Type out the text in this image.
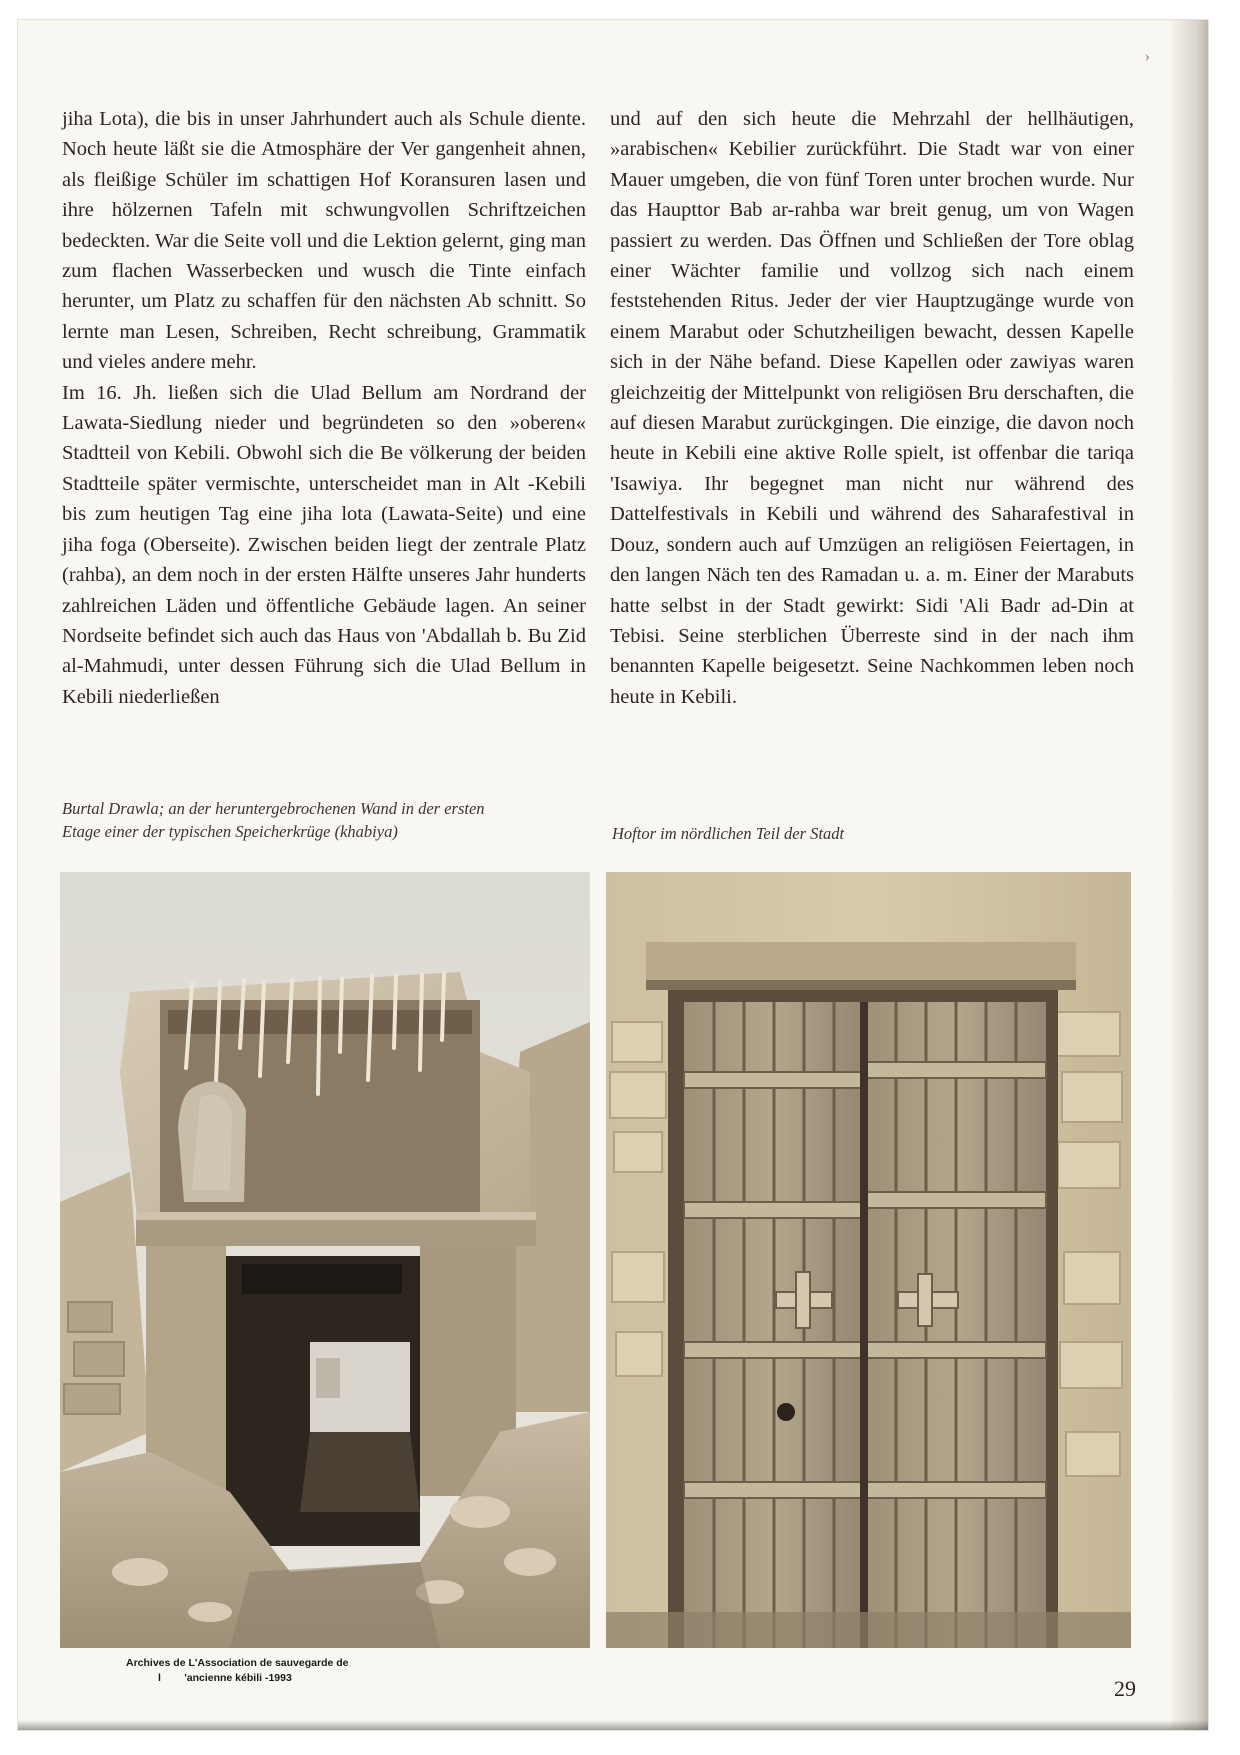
›

jiha Lota), die bis in unser Jahrhundert auch als Schule diente. Noch heute läßt sie die Atmosphäre der Ver gangenheit ahnen, als fleißige Schüler im schattigen Hof Koransuren lasen und ihre hölzernen Tafeln mit schwungvollen Schriftzeichen bedeckten. War die Seite voll und die Lektion gelernt, ging man zum flachen Wasserbecken und wusch die Tinte einfach herunter, um Platz zu schaffen für den nächsten Ab schnitt. So lernte man Lesen, Schreiben, Recht schreibung, Grammatik und vieles andere mehr.

Im 16. Jh. ließen sich die Ulad Bellum am Nordrand der Lawata-Siedlung nieder und begründeten so den »oberen« Stadtteil von Kebili. Obwohl sich die Be völkerung der beiden Stadtteile später vermischte, unterscheidet man in Alt -Kebili bis zum heutigen Tag eine jiha lota (Lawata-Seite) und eine jiha foga (Oberseite). Zwischen beiden liegt der zentrale Platz (rahba), an dem noch in der ersten Hälfte unseres Jahr hunderts zahlreichen Läden und öffentliche Gebäude lagen. An seiner Nordseite befindet sich auch das Haus von 'Abdallah b. Bu Zid al-Mahmudi, unter dessen Führung sich die Ulad Bellum in Kebili niederließen

und auf den sich heute die Mehrzahl der hellhäutigen, »arabischen« Kebilier zurückführt. Die Stadt war von einer Mauer umgeben, die von fünf Toren unter brochen wurde. Nur das Haupttor Bab ar-rahba war breit genug, um von Wagen passiert zu werden. Das Öffnen und Schließen der Tore oblag einer Wächter familie und vollzog sich nach einem feststehenden Ritus. Jeder der vier Hauptzugänge wurde von einem Marabut oder Schutzheiligen bewacht, dessen Kapelle sich in der Nähe befand. Diese Kapellen oder zawiyas waren gleichzeitig der Mittelpunkt von religiösen Bru derschaften, die auf diesen Marabut zurückgingen. Die einzige, die davon noch heute in Kebili eine aktive Rolle spielt, ist offenbar die tariqa 'Isawiya. Ihr begegnet man nicht nur während des Dattelfestivals in Kebili und während des Saharafestival in Douz, sondern auch auf Umzügen an religiösen Feiertagen, in den langen Näch ten des Ramadan u. a. m. Einer der Marabuts hatte selbst in der Stadt gewirkt: Sidi 'Ali Badr ad-Din at Tebisi. Seine sterblichen Überreste sind in der nach ihm benannten Kapelle beigesetzt. Seine Nachkommen leben noch heute in Kebili.

Burtal Drawla; an der heruntergebrochenen Wand in der ersten
Etage einer der typischen Speicherkrüge (khabiya)	Hoftor im nördlichen Teil der Stadt
Archives de L'Association de sauvegarde de
l        'ancienne kébili -1993	29
